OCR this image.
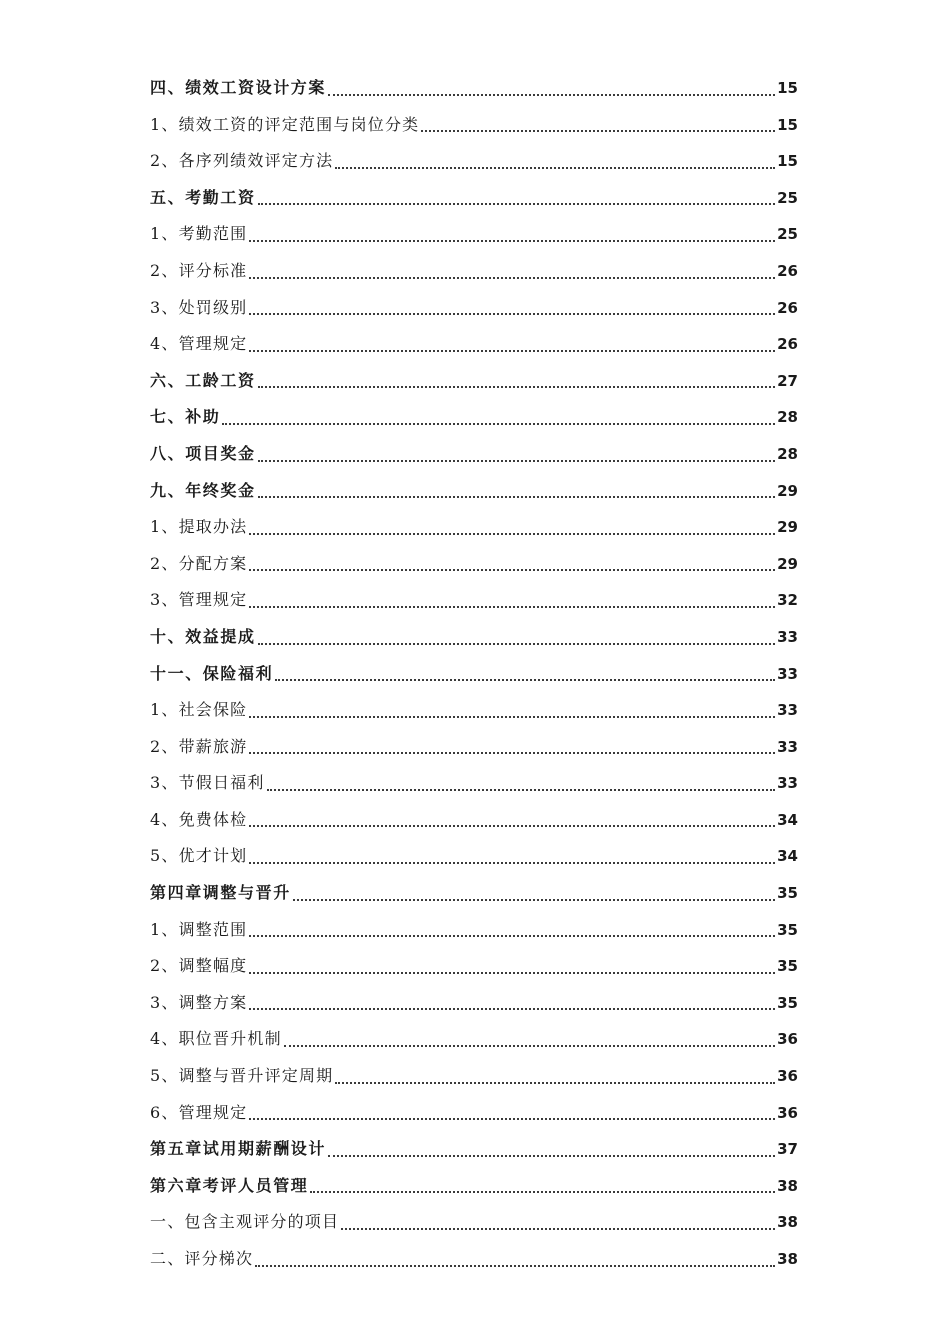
四、绩效工资设计方案	15
1、绩效工资的评定范围与岗位分类	15
2、各序列绩效评定方法	15
五、考勤工资	25
1、考勤范围	25
2、评分标准	26
3、处罚级别	26
4、管理规定	26
六、工龄工资	27
七、补助	28
八、项目奖金	28
九、年终奖金	29
1、提取办法	29
2、分配方案	29
3、管理规定	32
十、效益提成	33
十一、保险福利	33
1、社会保险	33
2、带薪旅游	33
3、节假日福利	33
4、免费体检	34
5、优才计划	34
第四章调整与晋升	35
1、调整范围	35
2、调整幅度	35
3、调整方案	35
4、职位晋升机制	36
5、调整与晋升评定周期	36
6、管理规定	36
第五章试用期薪酬设计	37
第六章考评人员管理	38
一、包含主观评分的项目	38
二、评分梯次	38
